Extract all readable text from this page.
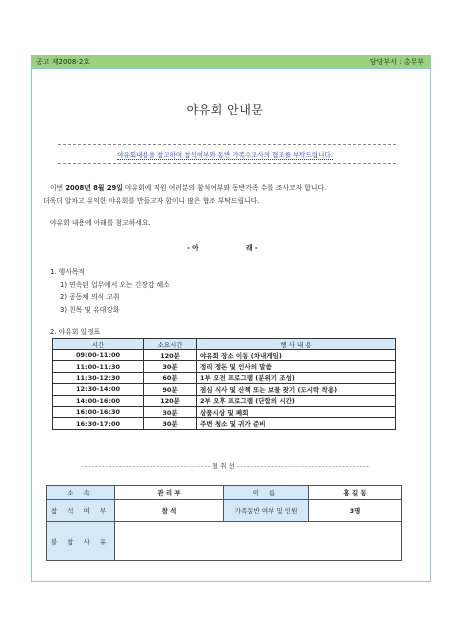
공고 제2008-2호	담당부서 : 총무부
야유회 안내문
야유회내용을 참고하여 참석여부와 동반 가족수조사의 협조를 부탁드립니다.
이번 2008년 8월 29일 야유회에 직원 여러분의 참석여부와 동반가족 수를 조사코자 합니다.
더욱더 알차고 유익한 야유회를 만들고자 함이니 많은 협조 부탁드립니다.
야유회 내용에 아래를 참고하세요.
- 아	래 -
1. 행사목적
1) 연속된 업무에서 오는 긴장감 해소
2) 공동체 의식 고취
3) 친목 및 유대강화
2. 야유회 일정표
시간	소요시간	행 사 내 용
09:00-11:00	120분	야유회 장소 이동 (차내게임)
11:00-11:30	30분	정리 정돈 및 인사의 말씀
11:30-12:30	60분	1부 오전 프로그램 (분위기 조성)
12:30-14:00	90분	점심 식사 및 산책 또는 보물 찾기 (도시락 착용)
14:00-16:00	120분	2부 오후 프로그램 (단합의 시간)
16:00-16:30	30분	상품시상 및 폐회
16:30-17:00	30분	주변 청소 및 귀가 준비
- - - - - - - - - - - - - - - - - - - - - - - - - - - - - - - - - - - - - - 절 취 선 - - - - - - - - - - - - - - - - - - - - - - - - - - - - - - - - - - - - - - -
소 속	관 리 부	이 름	홍 길 동
참 석 여 부	참 석	가족동반 여부 및 인원	3명
불 참 사 유			
